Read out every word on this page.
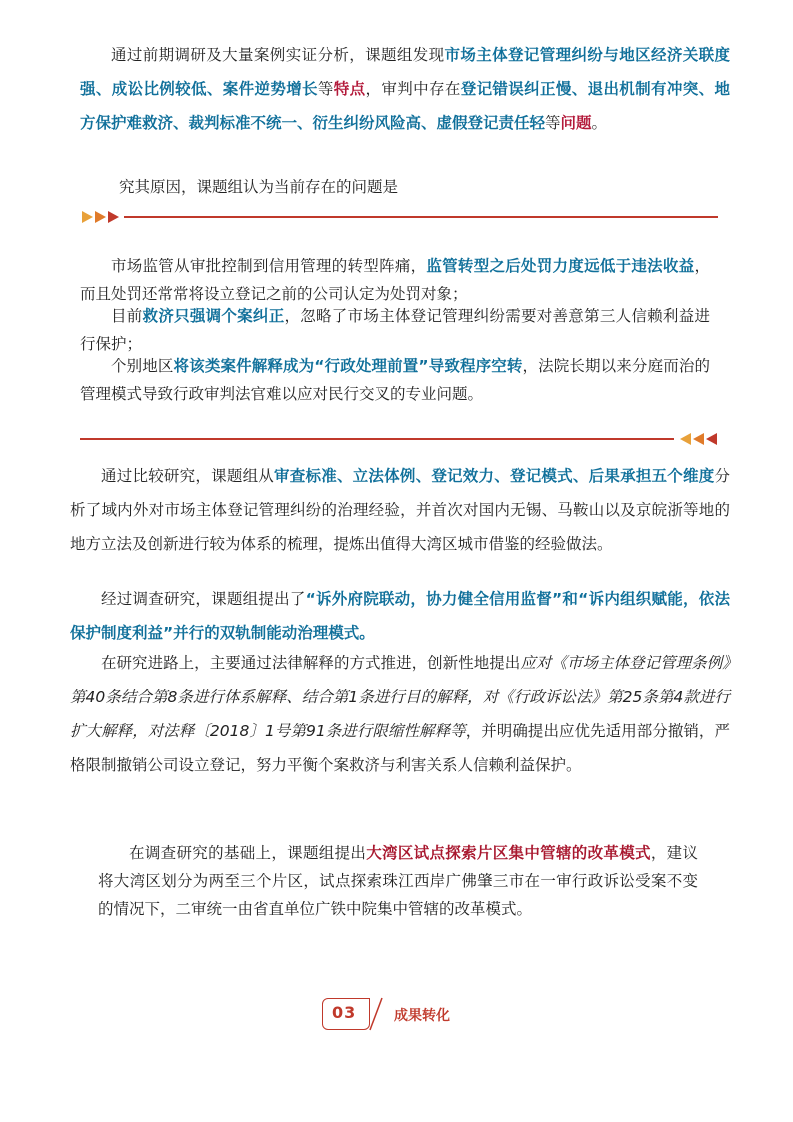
通过前期调研及大量案例实证分析，课题组发现市场主体登记管理纠纷与地区经济关联度强、成讼比例较低、案件逆势增长等特点，审判中存在登记错误纠正慢、退出机制有冲突、地方保护难救济、裁判标准不统一、衍生纠纷风险高、虚假登记责任轻等问题。

究其原因，课题组认为当前存在的问题是

市场监管从审批控制到信用管理的转型阵痛，监管转型之后处罚力度远低于违法收益，而且处罚还常常将设立登记之前的公司认定为处罚对象；

目前救济只强调个案纠正，忽略了市场主体登记管理纠纷需要对善意第三人信赖利益进行保护；

个别地区将该类案件解释成为“行政处理前置”导致程序空转，法院长期以来分庭而治的管理模式导致行政审判法官难以应对民行交叉的专业问题。

通过比较研究，课题组从审查标准、立法体例、登记效力、登记模式、后果承担五个维度分析了域内外对市场主体登记管理纠纷的治理经验，并首次对国内无锡、马鞍山以及京皖浙等地的地方立法及创新进行较为体系的梳理，提炼出值得大湾区城市借鉴的经验做法。

经过调查研究，课题组提出了“诉外府院联动，协力健全信用监督”和“诉内组织赋能，依法保护制度利益”并行的双轨制能动治理模式。

在研究进路上，主要通过法律解释的方式推进，创新性地提出应对《市场主体登记管理条例》第40条结合第8条进行体系解释、结合第1条进行目的解释，对《行政诉讼法》第25条第4款进行扩大解释，对法释〔2018〕1号第91条进行限缩性解释等，并明确提出应优先适用部分撤销，严格限制撤销公司设立登记，努力平衡个案救济与利害关系人信赖利益保护。

在调查研究的基础上，课题组提出大湾区试点探索片区集中管辖的改革模式，建议将大湾区划分为两至三个片区，试点探索珠江西岸广佛肇三市在一审行政诉讼受案不变的情况下，二审统一由省直单位广铁中院集中管辖的改革模式。

03	成果转化
